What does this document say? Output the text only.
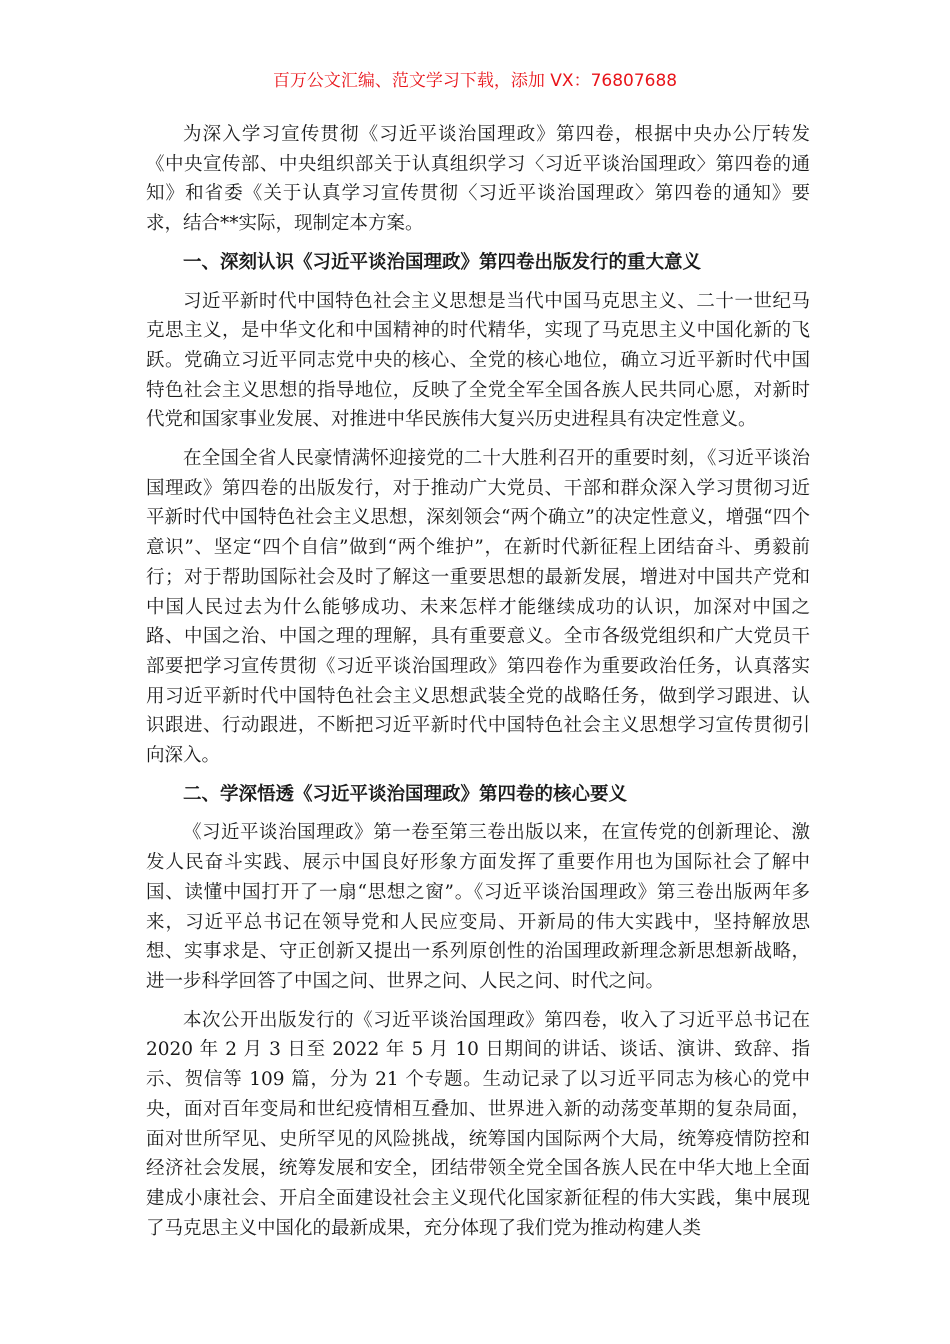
百万公文汇编、范文学习下载，添加 VX：76807688

为深入学习宣传贯彻《习近平谈治国理政》第四卷，根据中央办公厅转发《中央宣传部、中央组织部关于认真组织学习〈习近平谈治国理政〉第四卷的通知》和省委《关于认真学习宣传贯彻〈习近平谈治国理政〉第四卷的通知》要求，结合**实际，现制定本方案。

一、深刻认识《习近平谈治国理政》第四卷出版发行的重大意义

习近平新时代中国特色社会主义思想是当代中国马克思主义、二十一世纪马克思主义，是中华文化和中国精神的时代精华，实现了马克思主义中国化新的飞跃。党确立习近平同志党中央的核心、全党的核心地位，确立习近平新时代中国特色社会主义思想的指导地位，反映了全党全军全国各族人民共同心愿，对新时代党和国家事业发展、对推进中华民族伟大复兴历史进程具有决定性意义。

在全国全省人民豪情满怀迎接党的二十大胜利召开的重要时刻，《习近平谈治国理政》第四卷的出版发行，对于推动广大党员、干部和群众深入学习贯彻习近平新时代中国特色社会主义思想，深刻领会“两个确立”的决定性意义，增强“四个意识”、坚定“四个自信”做到“两个维护”，在新时代新征程上团结奋斗、勇毅前行；对于帮助国际社会及时了解这一重要思想的最新发展，增进对中国共产党和中国人民过去为什么能够成功、未来怎样才能继续成功的认识，加深对中国之路、中国之治、中国之理的理解，具有重要意义。全市各级党组织和广大党员干部要把学习宣传贯彻《习近平谈治国理政》第四卷作为重要政治任务，认真落实用习近平新时代中国特色社会主义思想武装全党的战略任务，做到学习跟进、认识跟进、行动跟进，不断把习近平新时代中国特色社会主义思想学习宣传贯彻引向深入。

二、学深悟透《习近平谈治国理政》第四卷的核心要义

《习近平谈治国理政》第一卷至第三卷出版以来，在宣传党的创新理论、激发人民奋斗实践、展示中国良好形象方面发挥了重要作用也为国际社会了解中国、读懂中国打开了一扇“思想之窗”。《习近平谈治国理政》第三卷出版两年多来，习近平总书记在领导党和人民应变局、开新局的伟大实践中，坚持解放思想、实事求是、守正创新又提出一系列原创性的治国理政新理念新思想新战略，进一步科学回答了中国之问、世界之问、人民之问、时代之问。

本次公开出版发行的《习近平谈治国理政》第四卷，收入了习近平总书记在 2020 年 2 月 3 日至 2022 年 5 月 10 日期间的讲话、谈话、演讲、致辞、指示、贺信等 109 篇，分为 21 个专题。生动记录了以习近平同志为核心的党中央，面对百年变局和世纪疫情相互叠加、世界进入新的动荡变革期的复杂局面，面对世所罕见、史所罕见的风险挑战，统筹国内国际两个大局，统筹疫情防控和经济社会发展，统筹发展和安全，团结带领全党全国各族人民在中华大地上全面建成小康社会、开启全面建设社会主义现代化国家新征程的伟大实践，集中展现了马克思主义中国化的最新成果，充分体现了我们党为推动构建人类
